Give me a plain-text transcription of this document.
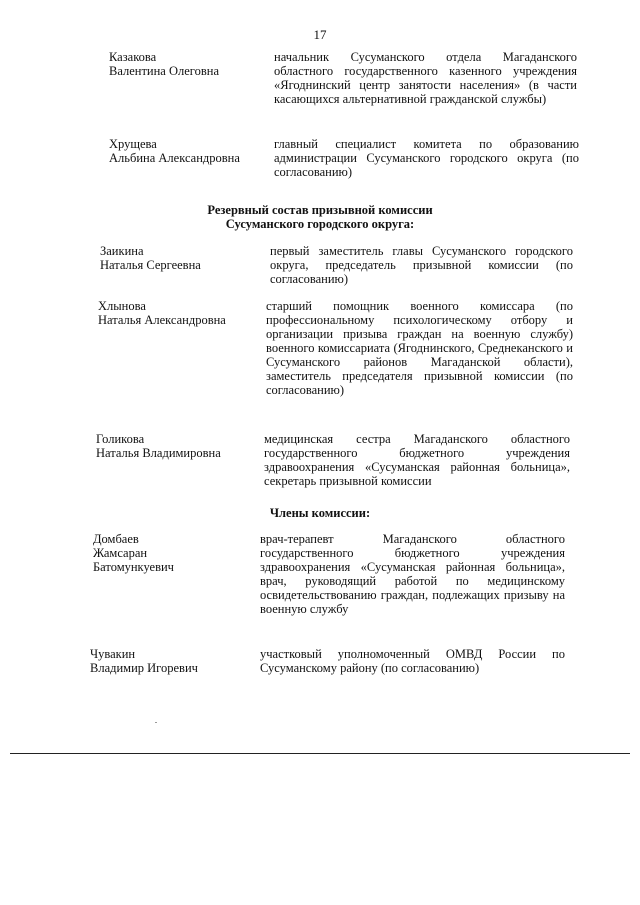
17
Казакова
Валентина Олеговна
начальник Сусуманского отдела Магаданского областного государственного казенного учреждения «Ягоднинский центр занятости населения» (в части касающихся альтернативной гражданской службы)
Хрущева
Альбина Александровна
главный специалист комитета по образованию администрации Сусуманского городского округа (по согласованию)
Резервный состав призывной комиссии
Сусуманского городского округа:
Заикина
Наталья Сергеевна
первый заместитель главы Сусуманского городского округа, председатель призывной комиссии (по согласованию)
Хлынова
Наталья Александровна
старший помощник военного комиссара (по профессиональному психологическому отбору и организации призыва граждан на военную службу) военного комиссариата (Ягоднинского, Среднеканского и Сусуманского районов Магаданской области), заместитель председателя призывной комиссии (по согласованию)
Голикова
Наталья Владимировна
медицинская сестра Магаданского областного государственного бюджетного учреждения здравоохранения «Сусуманская районная больница», секретарь призывной комиссии
Члены комиссии:
Домбаев
Жамсаран
Батомункуевич
врач-терапевт Магаданского областного государственного бюджетного учреждения здравоохранения «Сусуманская районная больница», врач, руководящий работой по медицинскому освидетельствованию граждан, подлежащих призыву на военную службу
Чувакин
Владимир Игоревич
участковый уполномоченный ОМВД России по Сусуманскому району (по согласованию)
